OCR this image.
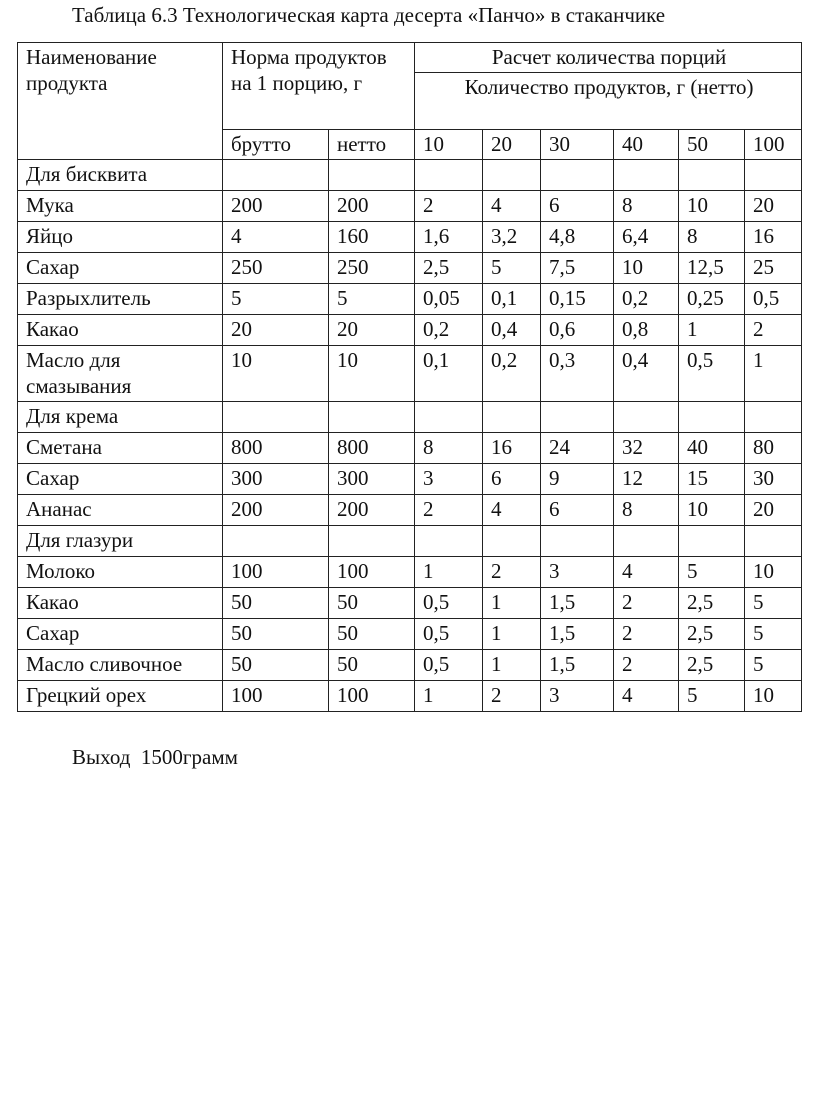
Таблица 6.3 Технологическая карта десерта «Панчо» в стаканчике
Наименование продукта	Норма продуктов на 1 порцию, г		Расчет количества порций					
			Количество продуктов, г (нетто)					
	брутто	нетто	10	20	30	40	50	100
Для бисквита								
Мука	200	200	2	4	6	8	10	20
Яйцо	4	160	1,6	3,2	4,8	6,4	8	16
Сахар	250	250	2,5	5	7,5	10	12,5	25
Разрыхлитель	5	5	0,05	0,1	0,15	0,2	0,25	0,5
Какао	20	20	0,2	0,4	0,6	0,8	1	2
Масло для смазывания	10	10	0,1	0,2	0,3	0,4	0,5	1
Для крема								
Сметана	800	800	8	16	24	32	40	80
Сахар	300	300	3	6	9	12	15	30
Ананас	200	200	2	4	6	8	10	20
Для глазури								
Молоко	100	100	1	2	3	4	5	10
Какао	50	50	0,5	1	1,5	2	2,5	5
Сахар	50	50	0,5	1	1,5	2	2,5	5
Масло сливочное	50	50	0,5	1	1,5	2	2,5	5
Грецкий орех	100	100	1	2	3	4	5	10
Выход  1500грамм
